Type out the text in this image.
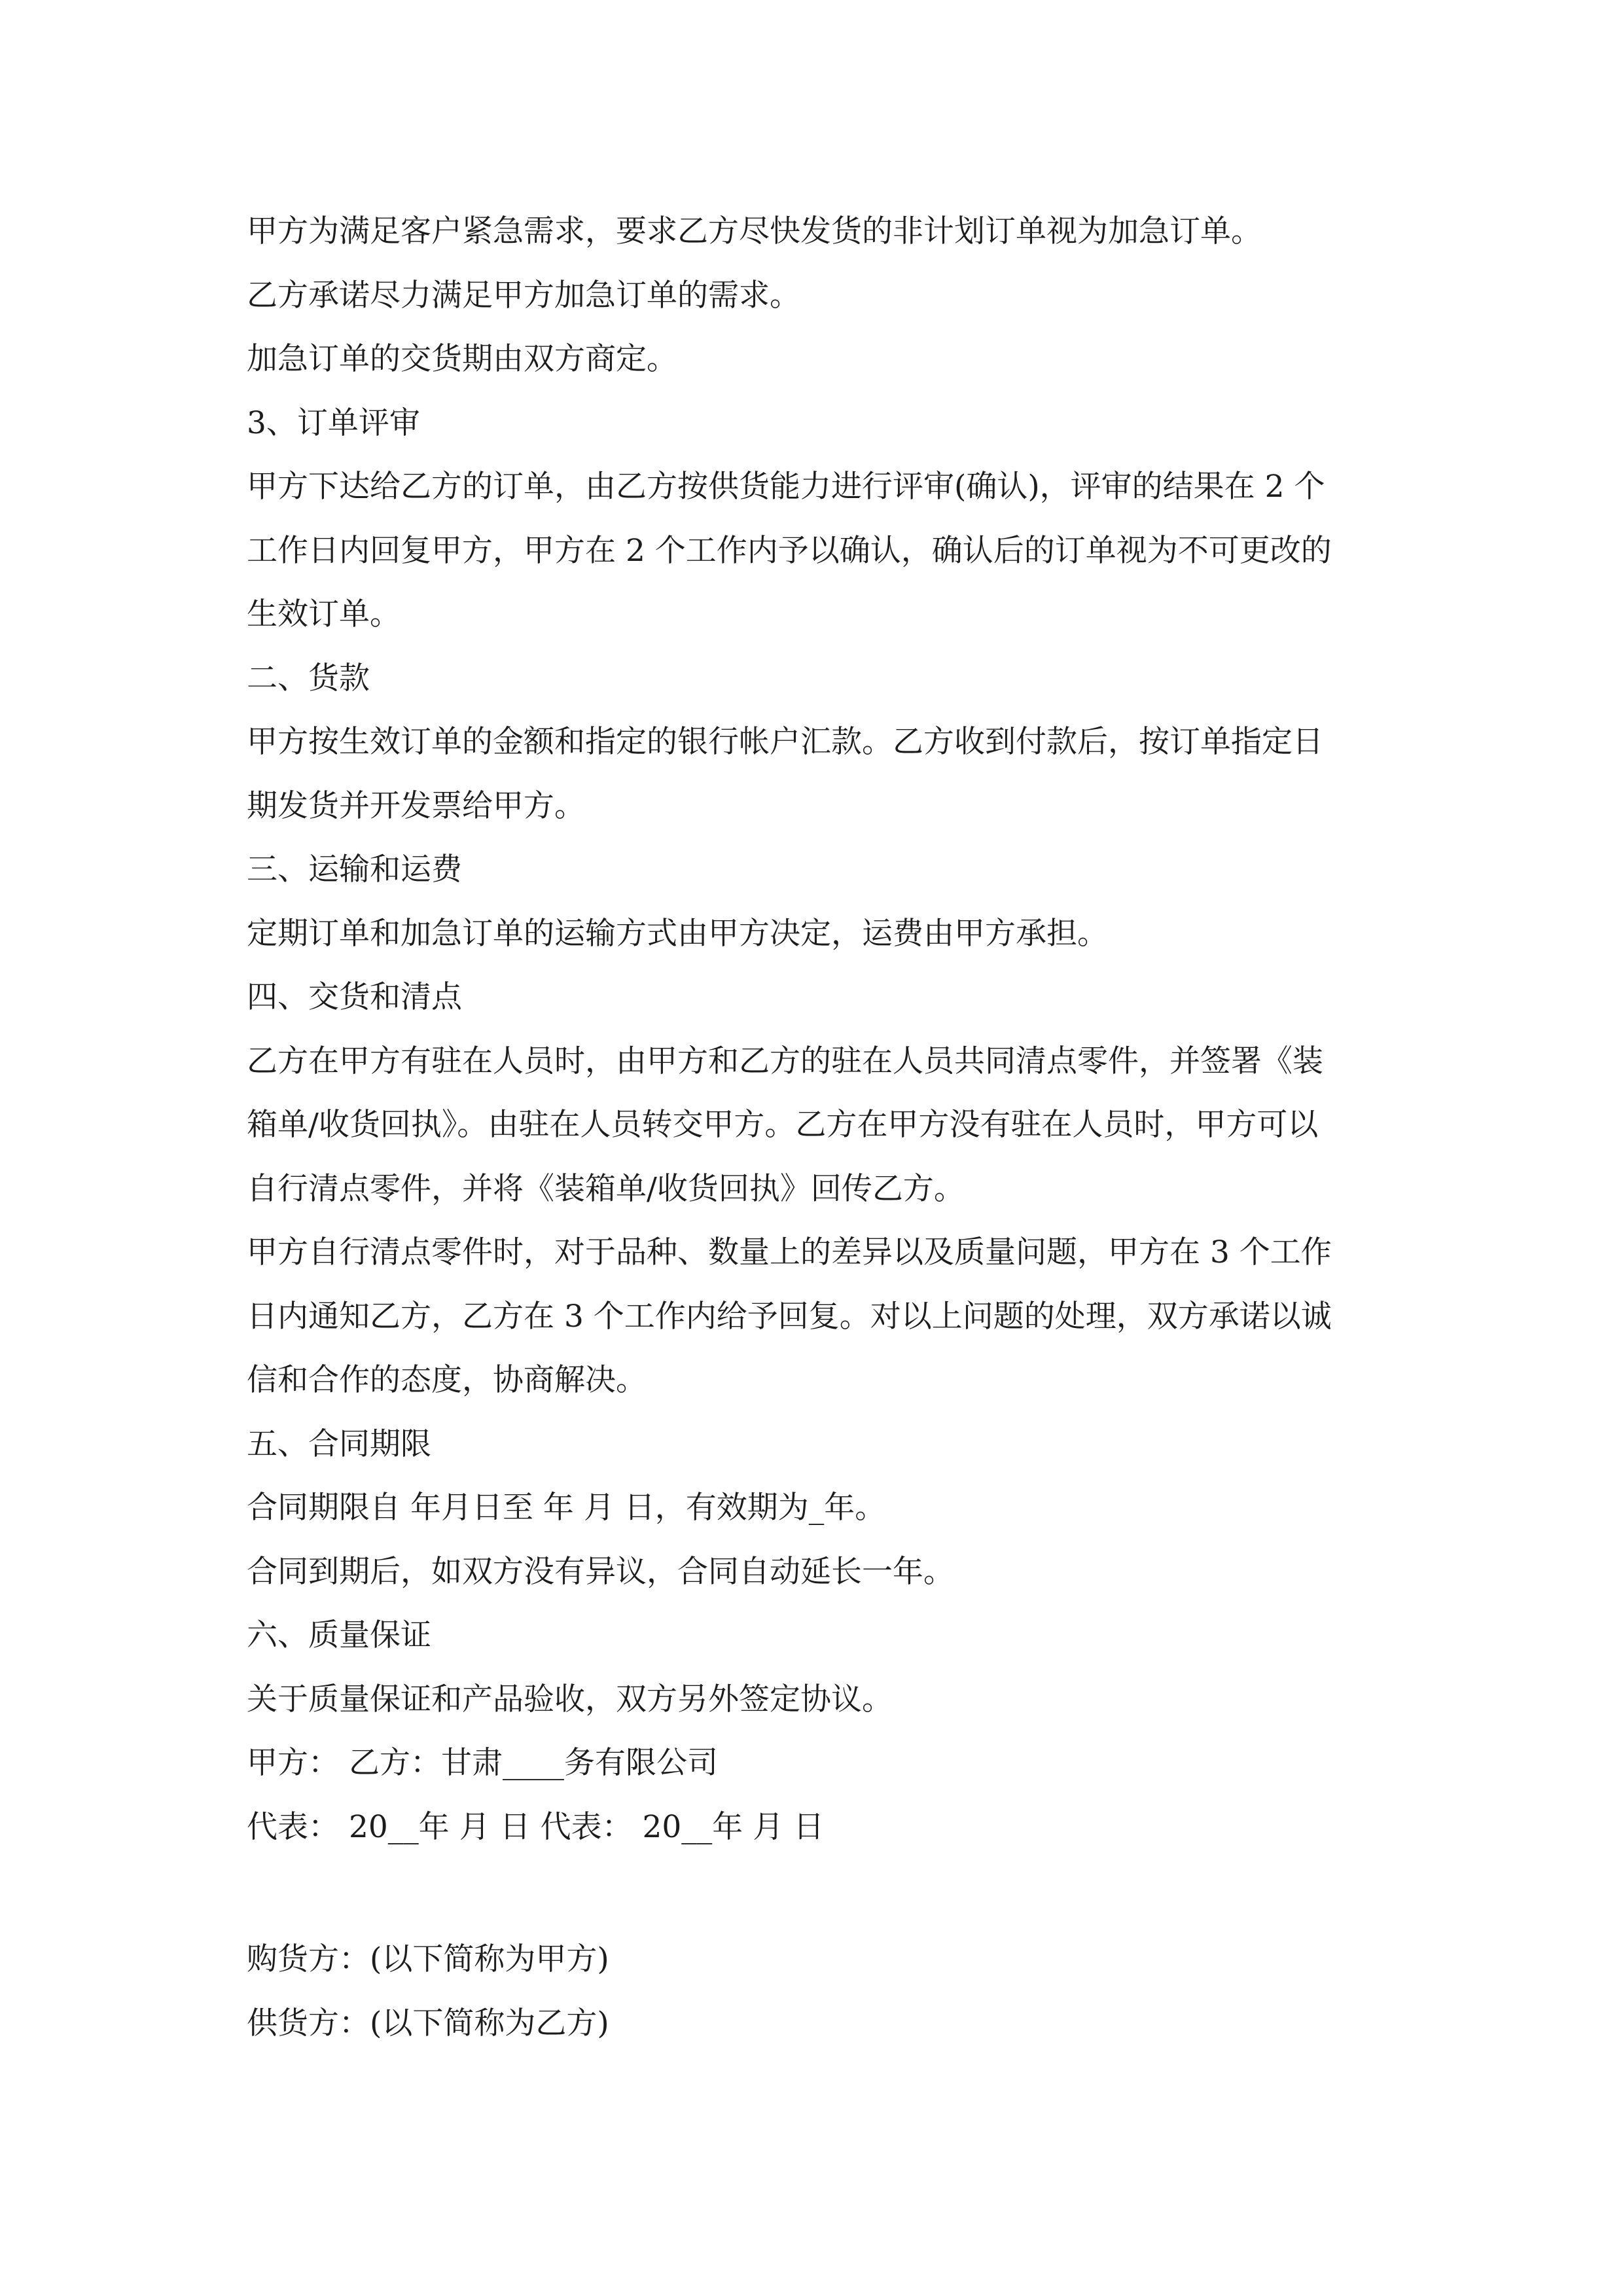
甲方为满足客户紧急需求，要求乙方尽快发货的非计划订单视为加急订单。

乙方承诺尽力满足甲方加急订单的需求。

加急订单的交货期由双方商定。

3、订单评审

甲方下达给乙方的订单，由乙方按供货能力进行评审(确认)，评审的结果在 2 个

工作日内回复甲方，甲方在 2 个工作内予以确认，确认后的订单视为不可更改的

生效订单。

二、货款

甲方按生效订单的金额和指定的银行帐户汇款。乙方收到付款后，按订单指定日

期发货并开发票给甲方。

三、运输和运费

定期订单和加急订单的运输方式由甲方决定，运费由甲方承担。

四、交货和清点

乙方在甲方有驻在人员时，由甲方和乙方的驻在人员共同清点零件，并签署《装

箱单/收货回执》。由驻在人员转交甲方。乙方在甲方没有驻在人员时，甲方可以

自行清点零件，并将《装箱单/收货回执》回传乙方。

甲方自行清点零件时，对于品种、数量上的差异以及质量问题，甲方在 3 个工作

日内通知乙方，乙方在 3 个工作内给予回复。对以上问题的处理，双方承诺以诚

信和合作的态度，协商解决。

五、合同期限

合同期限自 年月日至 年 月 日，有效期为_年。

合同到期后，如双方没有异议，合同自动延长一年。

六、质量保证

关于质量保证和产品验收，双方另外签定协议。

甲方： 乙方：甘肃____务有限公司

代表： 20__年 月 日 代表： 20__年 月 日

购货方：(以下简称为甲方)

供货方：(以下简称为乙方)
